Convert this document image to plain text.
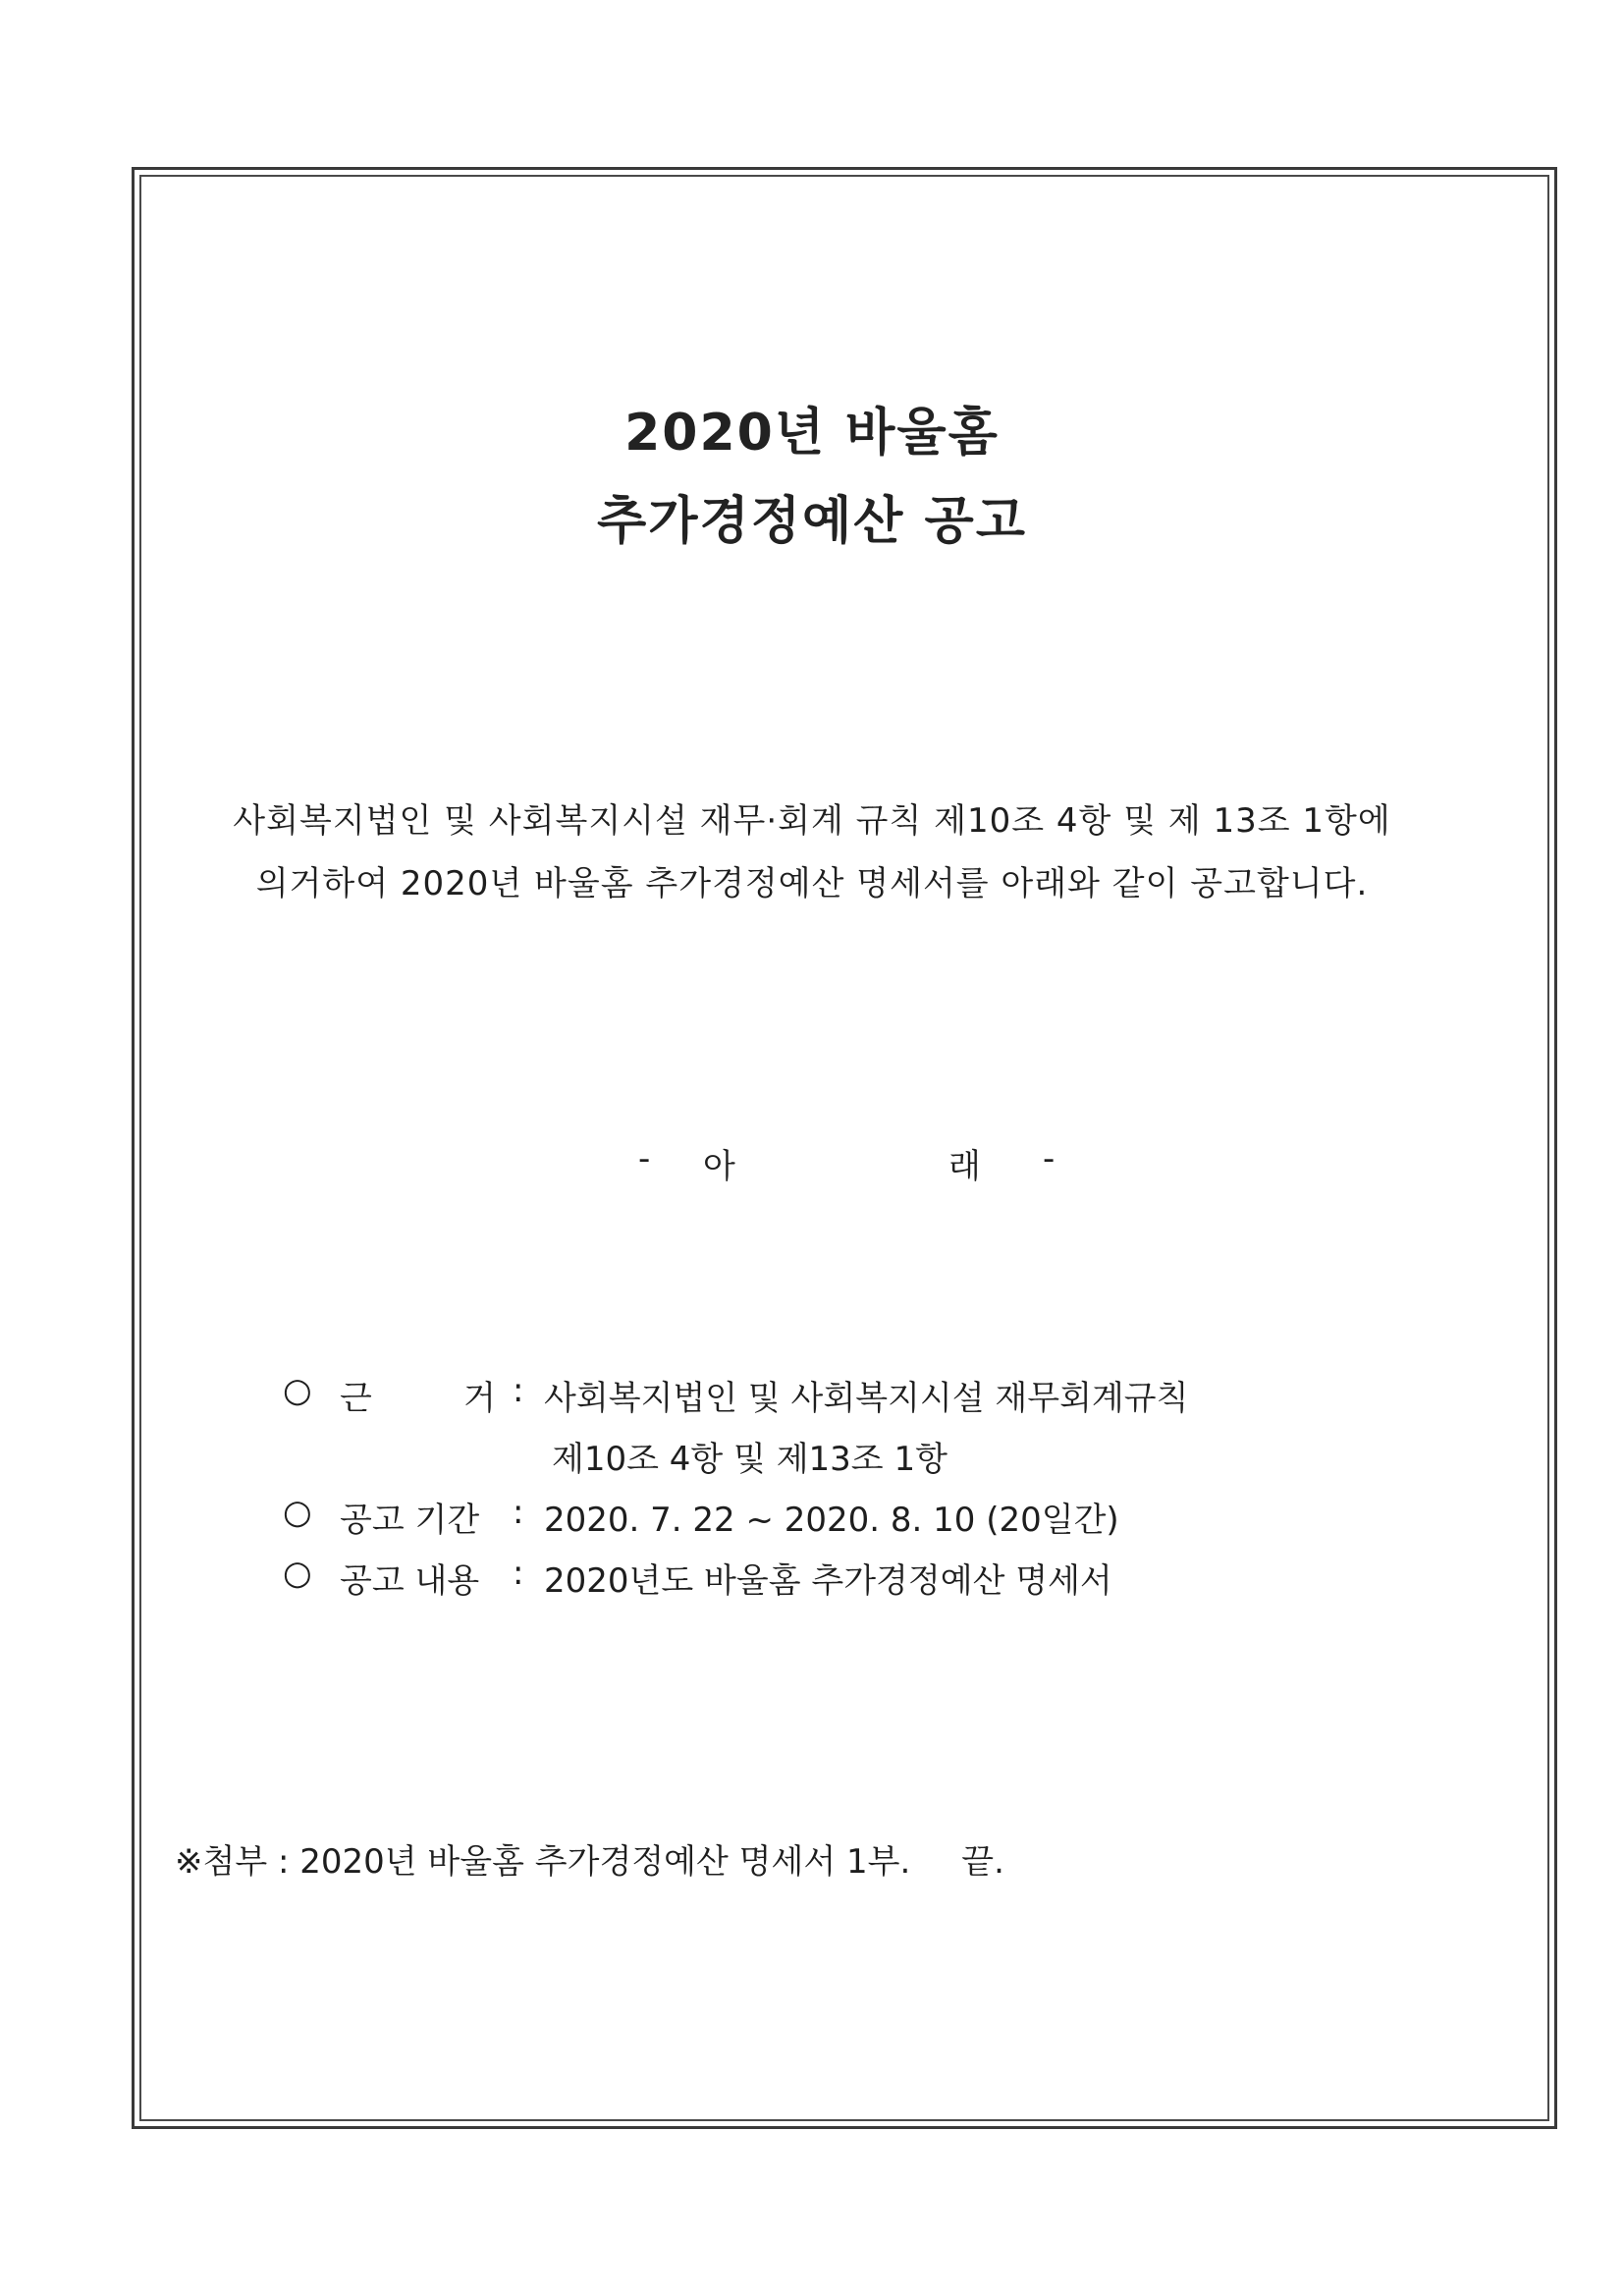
2020년 바울홈
추가경정예산 공고
사회복지법인 및 사회복지시설 재무·회계 규칙 제10조 4항 및 제 13조 1항에
의거하여 2020년 바울홈 추가경정예산 명세서를 아래와 같이 공고합니다.
- 아	래 -
○ 근	거 : 사회복지법인 및 사회복지시설 재무회계규칙
제10조 4항 및 제13조 1항
○ 공고 기간 : 2020. 7. 22 ~ 2020. 8. 10 (20일간)
○ 공고 내용 : 2020년도 바울홈 추가경정예산 명세서
※첨부 : 2020년 바울홈 추가경정예산 명세서 1부. 끝.
